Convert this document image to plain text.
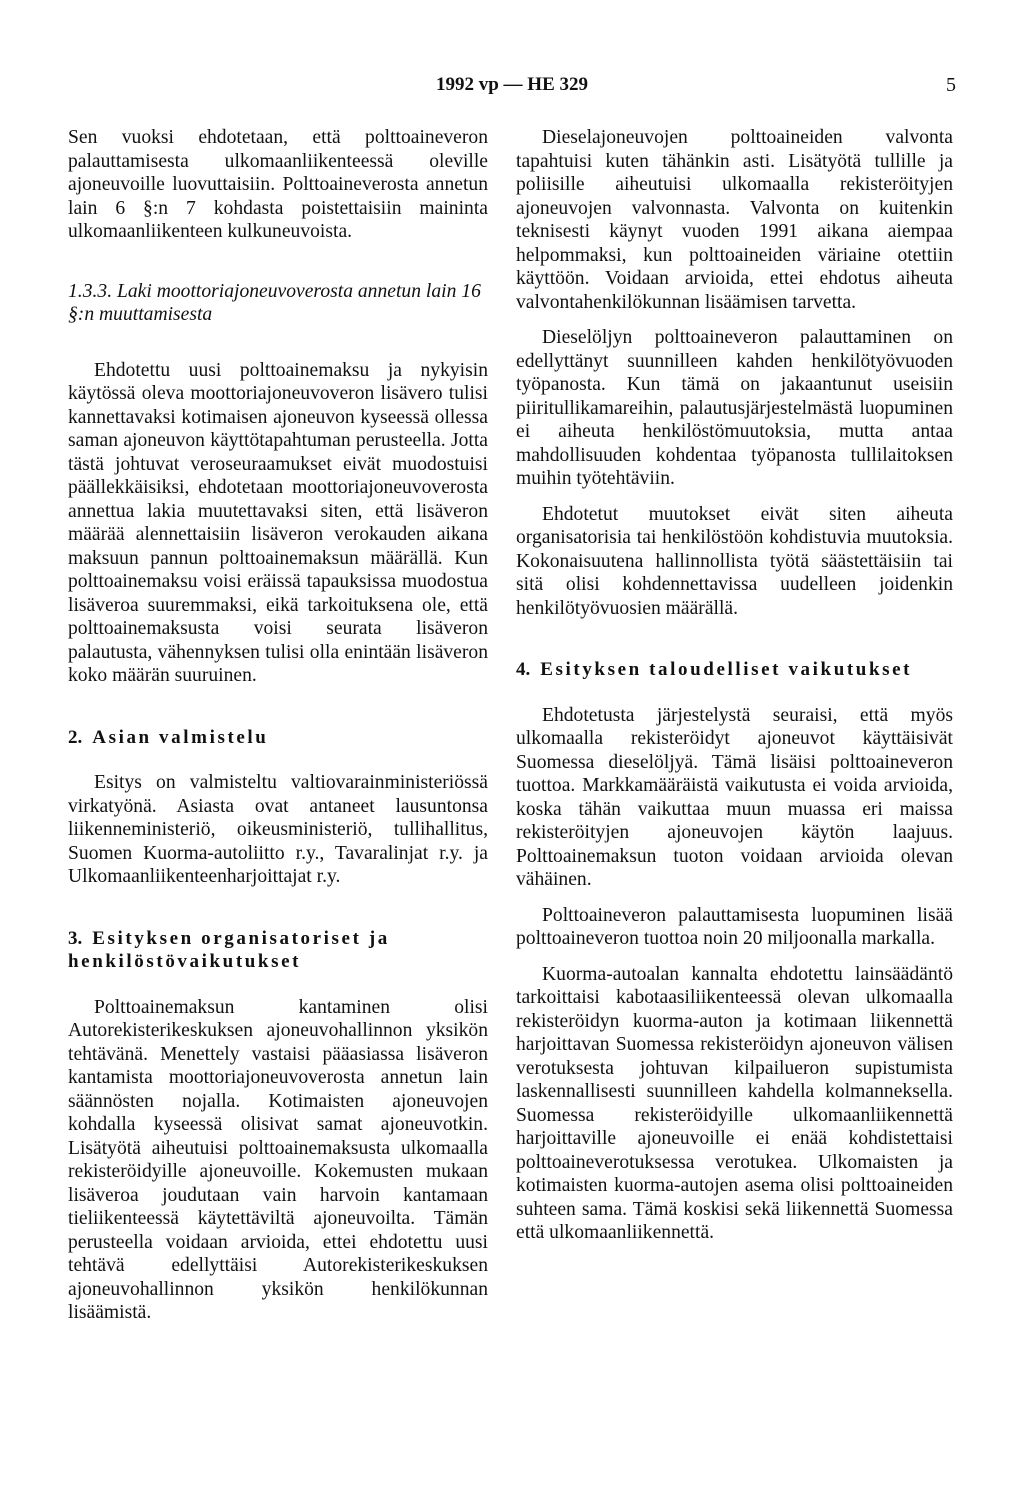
1992 vp — HE 329	5

Sen vuoksi ehdotetaan, että polttoaineveron palauttamisesta ulkomaanliikenteessä oleville ajoneuvoille luovuttaisiin. Polttoaineverosta annetun lain 6 §:n 7 kohdasta poistettaisiin maininta ulkomaanliikenteen kulkuneuvoista.

1.3.3. Laki moottoriajoneuvoverosta annetun lain 16 §:n muuttamisesta

Ehdotettu uusi polttoainemaksu ja nykyisin käytössä oleva moottoriajoneuvoveron lisävero tulisi kannettavaksi kotimaisen ajoneuvon kyseessä ollessa saman ajoneuvon käyttötapahtuman perusteella. Jotta tästä johtuvat veroseuraamukset eivät muodostuisi päällekkäisiksi, ehdotetaan moottoriajoneuvoverosta annettua lakia muutettavaksi siten, että lisäveron määrää alennettaisiin lisäveron verokauden aikana maksuun pannun polttoainemaksun määrällä. Kun polttoainemaksu voisi eräissä tapauksissa muodostua lisäveroa suuremmaksi, eikä tarkoituksena ole, että polttoainemaksusta voisi seurata lisäveron palautusta, vähennyksen tulisi olla enintään lisäveron koko määrän suuruinen.

2. Asian valmistelu

Esitys on valmisteltu valtiovarainministeriössä virkatyönä. Asiasta ovat antaneet lausuntonsa liikenneministeriö, oikeusministeriö, tullihallitus, Suomen Kuorma-autoliitto r.y., Tavaralinjat r.y. ja Ulkomaanliikenteenharjoittajat r.y.

3. Esityksen organisatoriset ja henkilöstövaikutukset

Polttoainemaksun kantaminen olisi Autorekisterikeskuksen ajoneuvohallinnon yksikön tehtävänä. Menettely vastaisi pääasiassa lisäveron kantamista moottoriajoneuvoverosta annetun lain säännösten nojalla. Kotimaisten ajoneuvojen kohdalla kyseessä olisivat samat ajoneuvotkin. Lisätyötä aiheutuisi polttoainemaksusta ulkomaalla rekisteröidyille ajoneuvoille. Kokemusten mukaan lisäveroa joudutaan vain harvoin kantamaan tieliikenteessä käytettäviltä ajoneuvoilta. Tämän perusteella voidaan arvioida, ettei ehdotettu uusi tehtävä edellyttäisi Autorekisterikeskuksen ajoneuvohallinnon yksikön henkilökunnan lisäämistä.

Dieselajoneuvojen polttoaineiden valvonta tapahtuisi kuten tähänkin asti. Lisätyötä tullille ja poliisille aiheutuisi ulkomaalla rekisteröityjen ajoneuvojen valvonnasta. Valvonta on kuitenkin teknisesti käynyt vuoden 1991 aikana aiempaa helpommaksi, kun polttoaineiden väriaine otettiin käyttöön. Voidaan arvioida, ettei ehdotus aiheuta valvontahenkilökunnan lisäämisen tarvetta.

Dieselöljyn polttoaineveron palauttaminen on edellyttänyt suunnilleen kahden henkilötyövuoden työpanosta. Kun tämä on jakaantunut useisiin piiritullikamareihin, palautusjärjestelmästä luopuminen ei aiheuta henkilöstömuutoksia, mutta antaa mahdollisuuden kohdentaa työpanosta tullilaitoksen muihin työtehtäviin.

Ehdotetut muutokset eivät siten aiheuta organisatorisia tai henkilöstöön kohdistuvia muutoksia. Kokonaisuutena hallinnollista työtä säästettäisiin tai sitä olisi kohdennettavissa uudelleen joidenkin henkilötyövuosien määrällä.

4. Esityksen taloudelliset vaikutukset

Ehdotetusta järjestelystä seuraisi, että myös ulkomaalla rekisteröidyt ajoneuvot käyttäisivät Suomessa dieselöljyä. Tämä lisäisi polttoaineveron tuottoa. Markkamääräistä vaikutusta ei voida arvioida, koska tähän vaikuttaa muun muassa eri maissa rekisteröityjen ajoneuvojen käytön laajuus. Polttoainemaksun tuoton voidaan arvioida olevan vähäinen.

Polttoaineveron palauttamisesta luopuminen lisää polttoaineveron tuottoa noin 20 miljoonalla markalla.

Kuorma-autoalan kannalta ehdotettu lainsäädäntö tarkoittaisi kabotaasiliikenteessä olevan ulkomaalla rekisteröidyn kuorma-auton ja kotimaan liikennettä harjoittavan Suomessa rekisteröidyn ajoneuvon välisen verotuksesta johtuvan kilpailueron supistumista laskennallisesti suunnilleen kahdella kolmanneksella. Suomessa rekisteröidyille ulkomaanliikennettä harjoittaville ajoneuvoille ei enää kohdistettaisi polttoaineverotuksessa verotukea. Ulkomaisten ja kotimaisten kuorma-autojen asema olisi polttoaineiden suhteen sama. Tämä koskisi sekä liikennettä Suomessa että ulkomaanliikennettä.
